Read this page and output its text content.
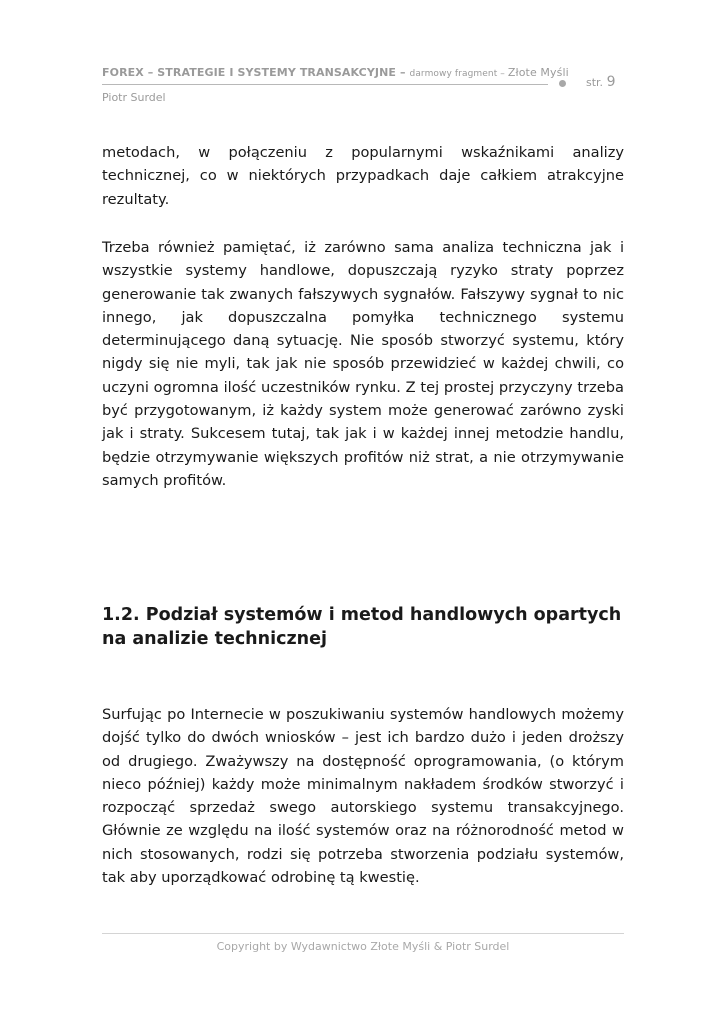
FOREX – STRATEGIE I SYSTEMY TRANSAKCYJNE – darmowy fragment – Złote Myśli
str. 9
Piotr Surdel

metodach, w połączeniu z popularnymi wskaźnikami analizy technicznej, co w niektórych przypadkach daje całkiem atrakcyjne rezultaty.

Trzeba również pamiętać, iż zarówno sama analiza techniczna jak i wszystkie systemy handlowe, dopuszczają ryzyko straty poprzez generowanie tak zwanych fałszywych sygnałów. Fałszywy sygnał to nic innego, jak dopuszczalna pomyłka technicznego systemu determinującego daną sytuację. Nie sposób stworzyć systemu, który nigdy się nie myli, tak jak nie sposób przewidzieć w każdej chwili, co uczyni ogromna ilość uczestników rynku. Z tej prostej przyczyny trzeba być przygotowanym, iż każdy system może generować zarówno zyski jak i straty. Sukcesem tutaj, tak jak i w każdej innej metodzie handlu, będzie otrzymywanie większych profitów niż strat, a nie otrzymywanie samych profitów.

1.2. Podział systemów i metod handlowych opartych na analizie technicznej

Surfując po Internecie w poszukiwaniu systemów handlowych możemy dojść tylko do dwóch wniosków – jest ich bardzo dużo i jeden droższy od drugiego. Zważywszy na dostępność oprogramowania, (o którym nieco później) każdy może minimalnym nakładem środków stworzyć i rozpocząć sprzedaż swego autorskiego systemu transakcyjnego. Głównie ze względu na ilość systemów oraz na różnorodność metod w nich stosowanych, rodzi się potrzeba stworzenia podziału systemów, tak aby uporządkować odrobinę tą kwestię.

Copyright by Wydawnictwo Złote Myśli & Piotr Surdel
